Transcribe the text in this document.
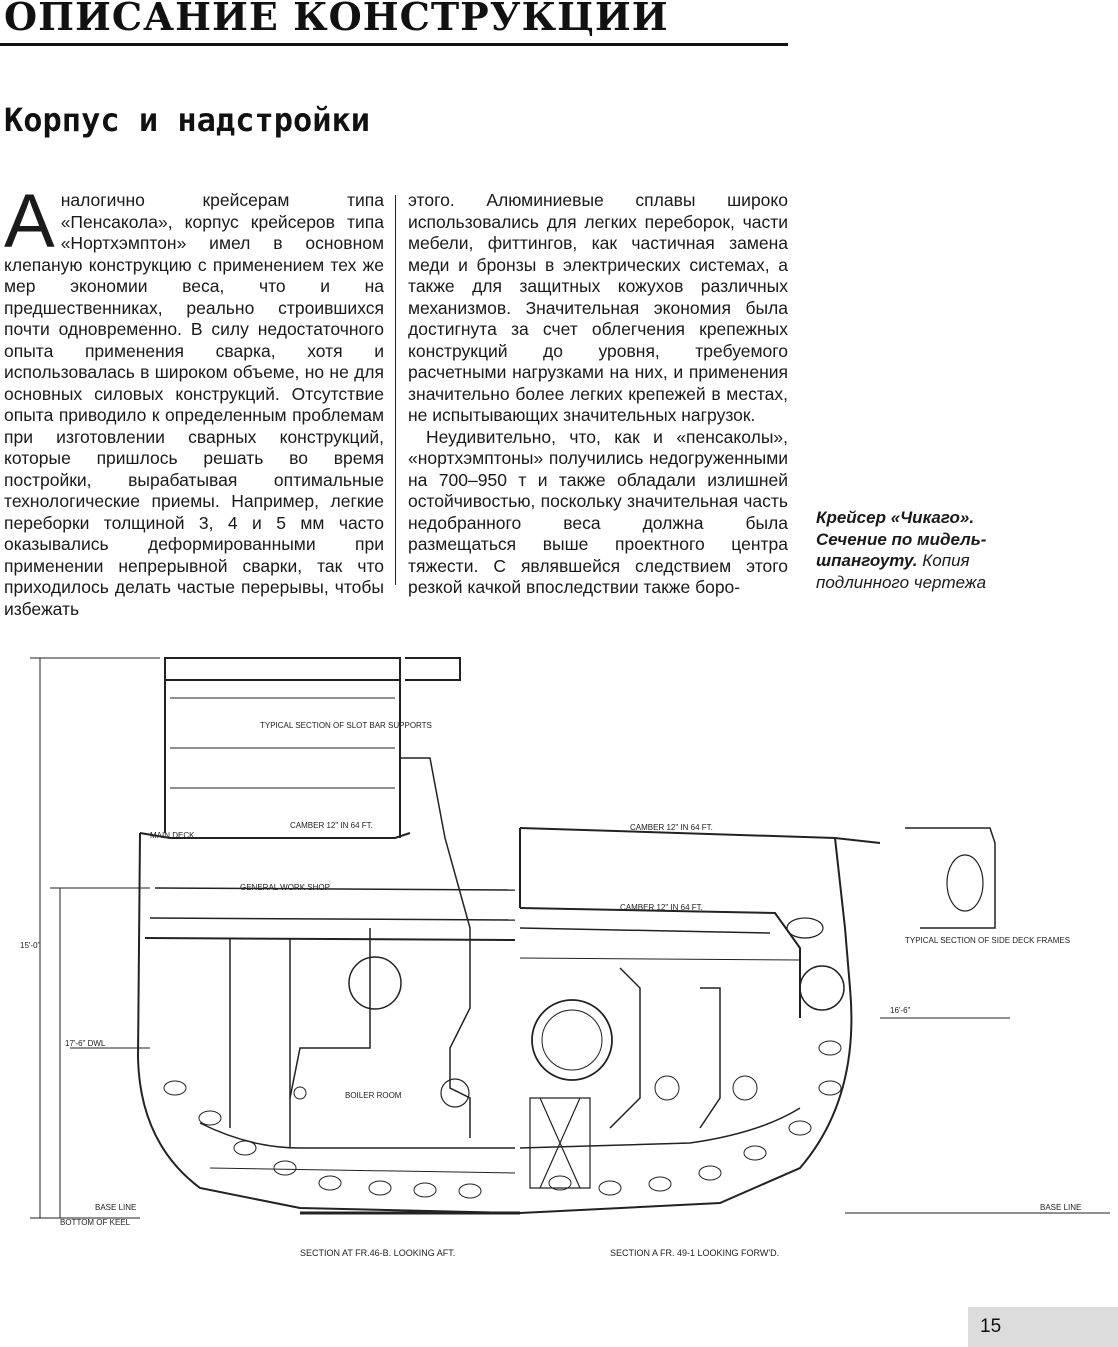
ОПИСАНИЕ КОНСТРУКЦИИ
Корпус и надстройки

Аналогично крейсерам типа «Пенсакола», корпус крейсеров типа «Нортхэмптон» имел в основном клепаную конструкцию с применением тех же мер экономии веса, что и на предшественниках, реально строившихся почти одновременно. В силу недостаточного опыта применения сварка, хотя и использовалась в широком объеме, но не для основных силовых конструкций. Отсутствие опыта приводило к определенным проблемам при изготовлении сварных конструкций, которые пришлось решать во время постройки, вырабатывая оптимальные технологические приемы. Например, легкие переборки толщиной 3, 4 и 5 мм часто оказывались деформированными при применении непрерывной сварки, так что приходилось делать частые перерывы, чтобы избежать

этого. Алюминиевые сплавы широко использовались для легких переборок, части мебели, фиттингов, как частичная замена меди и бронзы в электрических системах, а также для защитных кожухов различных механизмов. Значительная экономия была достигнута за счет облегчения крепежных конструкций до уровня, требуемого расчетными нагрузками на них, и применения значительно более легких крепежей в местах, не испытывающих значительных нагрузок.

Неудивительно, что, как и «пенсаколы», «нортхэмптоны» получились недогруженными на 700–950 т и также обладали излишней остойчивостью, поскольку значительная часть недобранного веса должна была размещаться выше проектного центра тяжести. С являвшейся следствием этого резкой качкой впоследствии также боро-

Крейсер «Чикаго». Сечение по мидель-шпангоуту. Копия подлинного чертежа
MAIN DECK
GENERAL WORK SHOP
CAMBER 12" IN 64 FT.	CAMBER 12" IN 64 FT.
CAMBER 12" IN 64 FT.
17'-6" DWL
BASE LINE	BASE LINE
BOILER ROOM
TYPICAL SECTION OF SIDE DECK FRAMES
TYPICAL SECTION OF SLOT BAR SUPPORTS
BOTTOM OF KEEL
15'-0"
16'-6"
SECTION AT FR.46-B. LOOKING AFT.	SECTION A FR. 49-1 LOOKING FORW'D.
15
